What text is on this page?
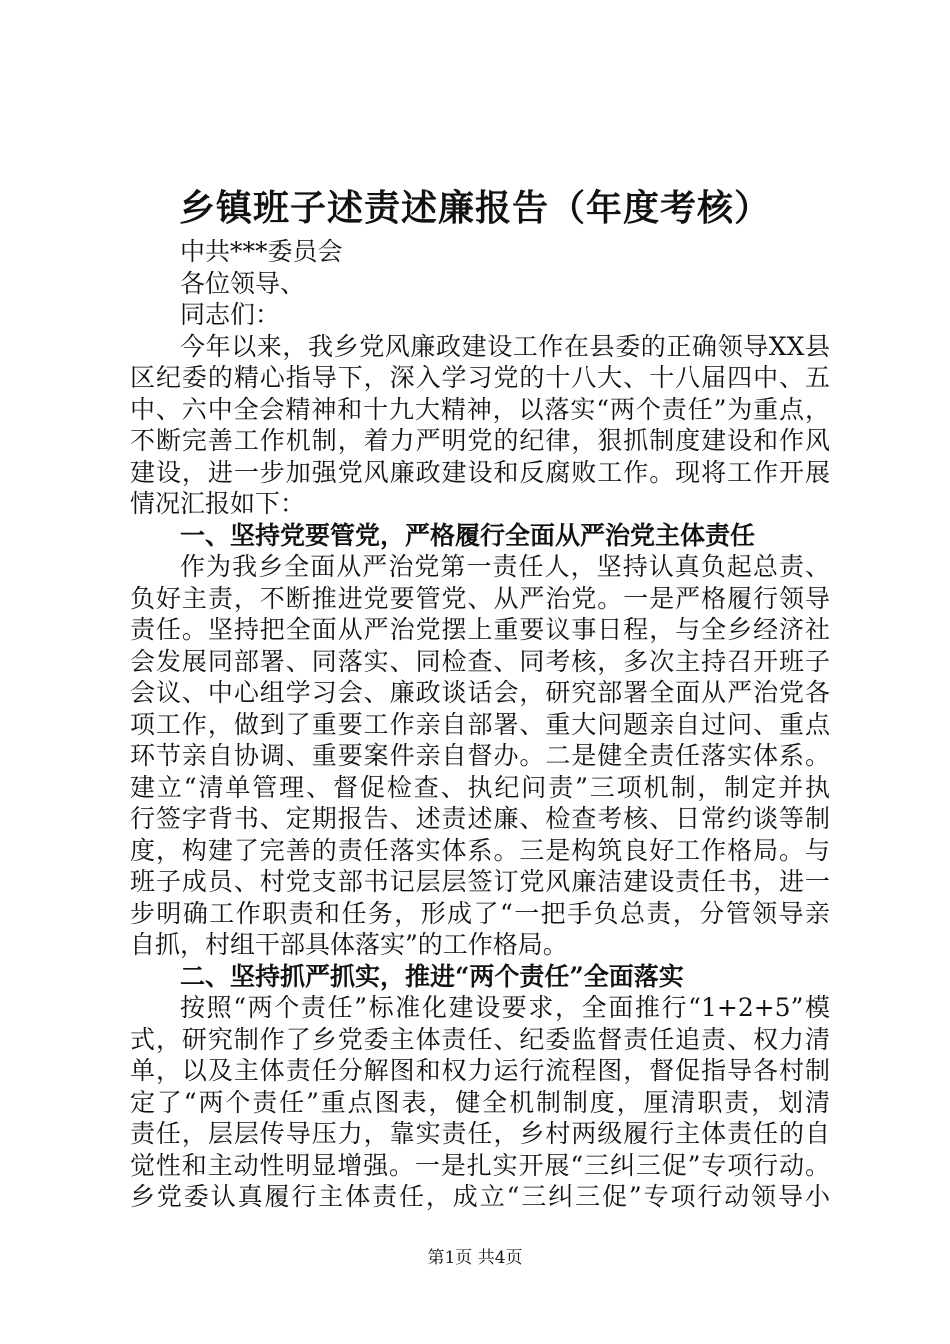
乡镇班子述责述廉报告（年度考核）
中共***委员会
各位领导、
同志们：
今年以来，我乡党风廉政建设工作在县委的正确领导XX县
区纪委的精心指导下，深入学习党的十八大、十八届四中、五
中、六中全会精神和十九大精神，以落实“两个责任”为重点，
不断完善工作机制，着力严明党的纪律，狠抓制度建设和作风
建设，进一步加强党风廉政建设和反腐败工作。现将工作开展
情况汇报如下：
一、坚持党要管党，严格履行全面从严治党主体责任
作为我乡全面从严治党第一责任人，坚持认真负起总责、
负好主责，不断推进党要管党、从严治党。一是严格履行领导
责任。坚持把全面从严治党摆上重要议事日程，与全乡经济社
会发展同部署、同落实、同检查、同考核，多次主持召开班子
会议、中心组学习会、廉政谈话会，研究部署全面从严治党各
项工作，做到了重要工作亲自部署、重大问题亲自过问、重点
环节亲自协调、重要案件亲自督办。二是健全责任落实体系。
建立“清单管理、督促检查、执纪问责”三项机制，制定并执
行签字背书、定期报告、述责述廉、检查考核、日常约谈等制
度，构建了完善的责任落实体系。三是构筑良好工作格局。与
班子成员、村党支部书记层层签订党风廉洁建设责任书，进一
步明确工作职责和任务，形成了“一把手负总责，分管领导亲
自抓，村组干部具体落实”的工作格局。
二、坚持抓严抓实，推进“两个责任”全面落实
按照“两个责任”标准化建设要求，全面推行“1+2+5”模
式，研究制作了乡党委主体责任、纪委监督责任追责、权力清
单，以及主体责任分解图和权力运行流程图，督促指导各村制
定了“两个责任”重点图表，健全机制制度，厘清职责，划清
责任，层层传导压力，靠实责任，乡村两级履行主体责任的自
觉性和主动性明显增强。一是扎实开展“三纠三促”专项行动。
乡党委认真履行主体责任，成立“三纠三促”专项行动领导小
第1页 共4页
